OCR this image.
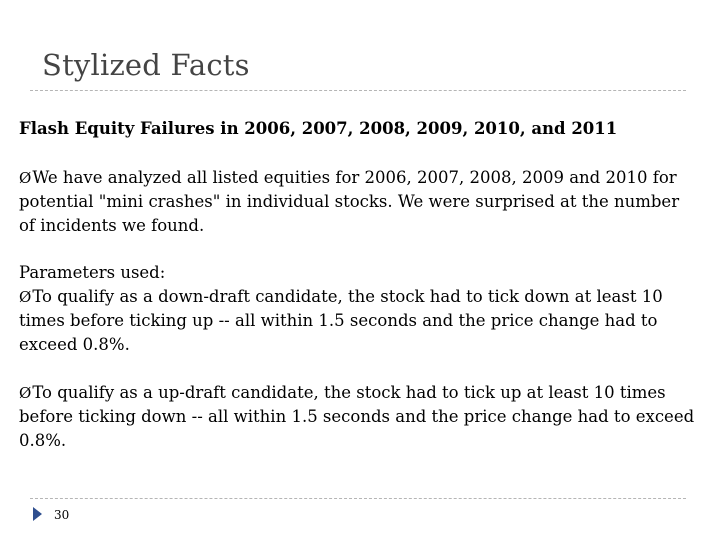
Stylized Facts
Flash Equity Failures in 2006, 2007, 2008, 2009, 2010, and 2011
ØWe have analyzed all listed equities for 2006, 2007, 2008, 2009 and 2010 for potential "mini crashes" in individual stocks. We were surprised at the number of incidents we found.
Parameters used:
ØTo qualify as a down-draft candidate, the stock had to tick down at least 10 times before ticking up -- all within 1.5 seconds and the price change had to exceed 0.8%.
ØTo qualify as a up-draft candidate, the stock had to tick up at least 10 times before ticking down -- all within 1.5 seconds and the price change had to exceed 0.8%.
30
